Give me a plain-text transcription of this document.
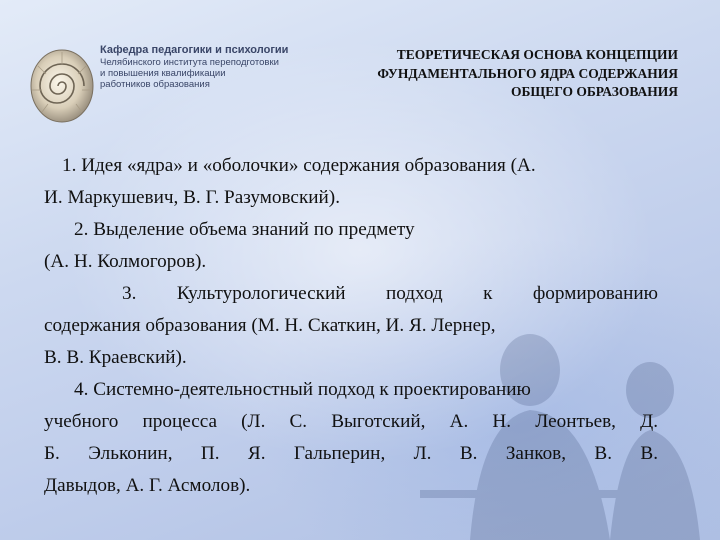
Кафедра педагогики и психологии
Челябинского института переподготовки
и повышения квалификации
работников образования
ТЕОРЕТИЧЕСКАЯ ОСНОВА КОНЦЕПЦИИ
ФУНДАМЕНТАЛЬНОГО ЯДРА СОДЕРЖАНИЯ
ОБЩЕГО ОБРАЗОВАНИЯ
1. Идея «ядра» и «оболочки» содержания образования (А.
И. Маркушевич, В. Г. Разумовский).
2. Выделение объема знаний по предмету
(А. Н. Колмогоров).
3. Культурологический подход к формированию
содержания образования (М. Н. Скаткин, И. Я. Лернер,
В. В. Краевский).
4. Системно-деятельностный подход к проектированию
учебного процесса (Л. С. Выготский, А. Н. Леонтьев, Д.
Б. Эльконин, П. Я. Гальперин, Л. В. Занков, В. В.
Давыдов, А. Г. Асмолов).
